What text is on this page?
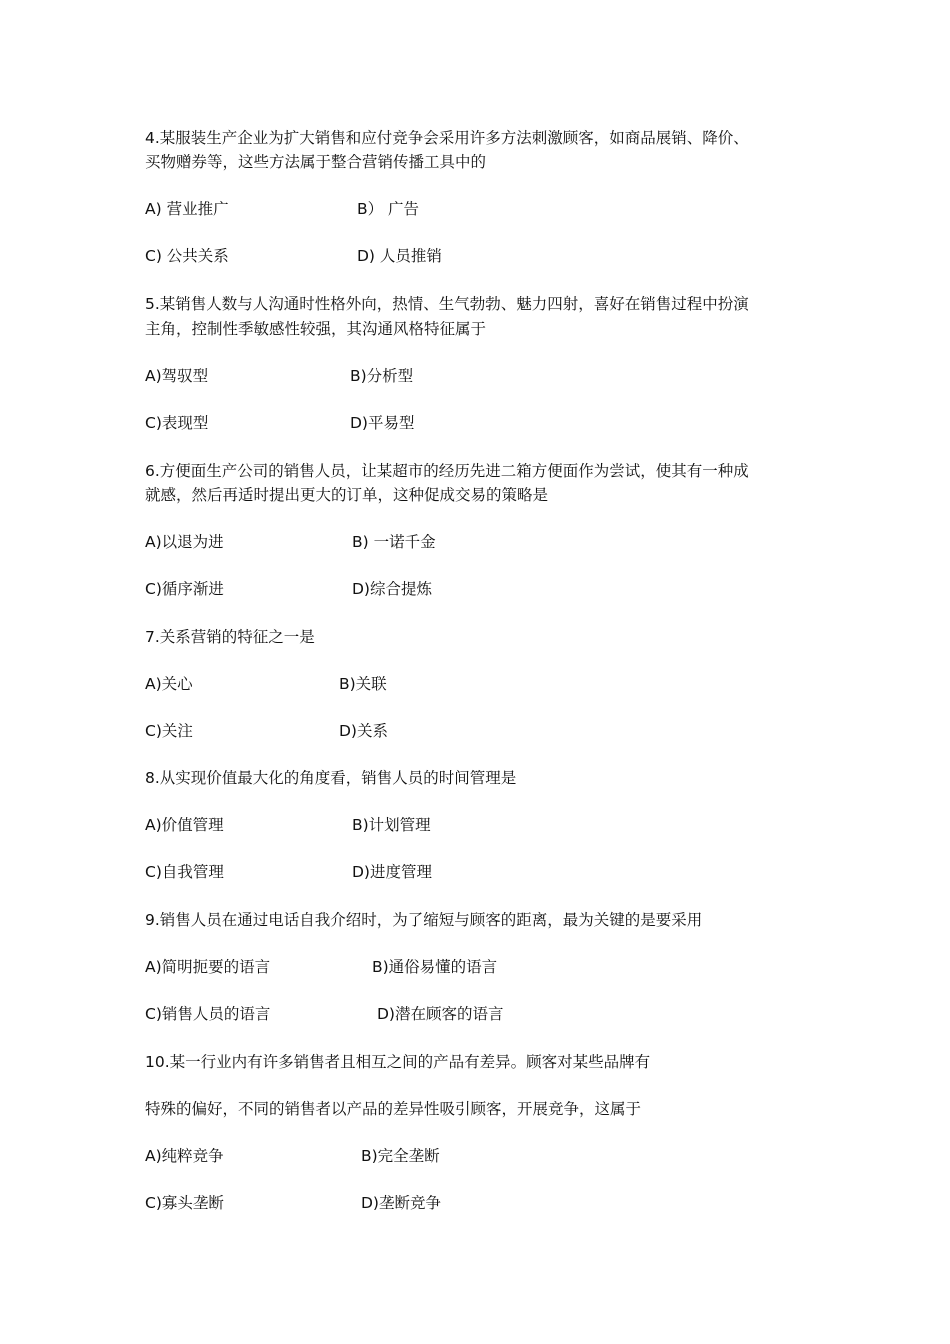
4.某服装生产企业为扩大销售和应付竞争会采用许多方法刺激顾客，如商品展销、降价、
买物赠券等，这些方法属于整合营销传播工具中的
A) 营业推广	B） 广告
C) 公共关系	D) 人员推销
5.某销售人数与人沟通时性格外向，热情、生气勃勃、魅力四射，喜好在销售过程中扮演
主角，控制性季敏感性较强，其沟通风格特征属于
A)驾驭型	B)分析型
C)表现型	D)平易型
6.方便面生产公司的销售人员，让某超市的经历先进二箱方便面作为尝试，使其有一种成
就感，然后再适时提出更大的订单，这种促成交易的策略是
A)以退为进	B) 一诺千金
C)循序渐进	D)综合提炼
7.关系营销的特征之一是
A)关心	B)关联
C)关注	D)关系
8.从实现价值最大化的角度看，销售人员的时间管理是
A)价值管理	B)计划管理
C)自我管理	D)进度管理
9.销售人员在通过电话自我介绍时，为了缩短与顾客的距离，最为关键的是要采用
A)简明扼要的语言	B)通俗易懂的语言
C)销售人员的语言	D)潜在顾客的语言
10.某一行业内有许多销售者且相互之间的产品有差异。顾客对某些品牌有
特殊的偏好，不同的销售者以产品的差异性吸引顾客，开展竞争，这属于
A)纯粹竞争	B)完全垄断
C)寡头垄断	D)垄断竞争
